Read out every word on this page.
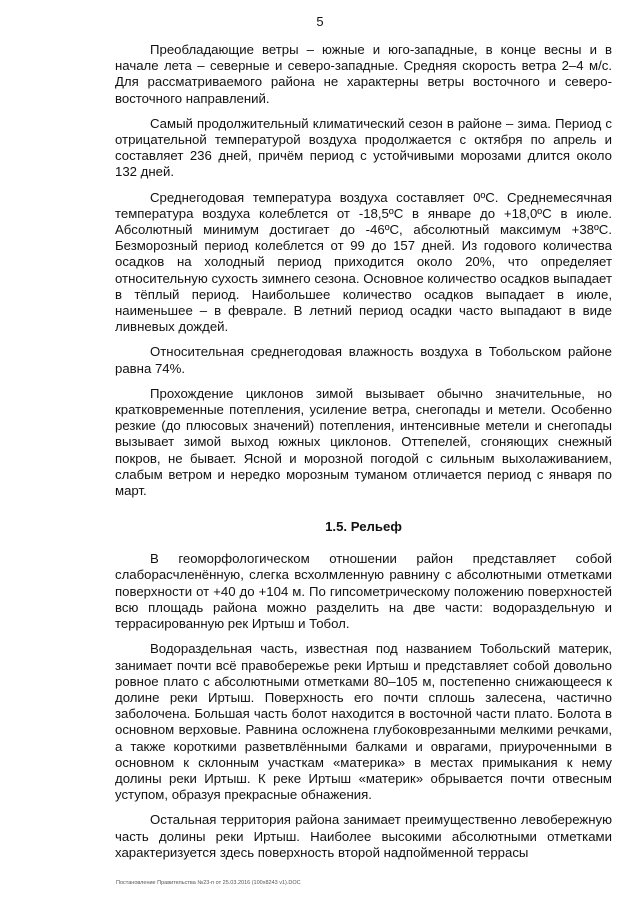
5

Преобладающие ветры – южные и юго-западные, в конце весны и в начале лета – северные и северо-западные. Средняя скорость ветра 2–4 м/с. Для рассматриваемого района не характерны ветры восточного и северо-восточного направлений.

Самый продолжительный климатический сезон в районе – зима. Период с отрицательной температурой воздуха продолжается с октября по апрель и составляет 236 дней, причём период с устойчивыми морозами длится около 132 дней.

Среднегодовая температура воздуха составляет 0ºC. Среднемесячная температура воздуха колеблется от -18,5ºC в январе до +18,0ºC в июле. Абсолютный минимум достигает до -46ºC, абсолютный максимум +38ºC. Безморозный период колеблется от 99 до 157 дней. Из годового количества осадков на холодный период приходится около 20%, что определяет относительную сухость зимнего сезона. Основное количество осадков выпадает в тёплый период. Наибольшее количество осадков выпадает в июле, наименьшее – в феврале. В летний период осадки часто выпадают в виде ливневых дождей.

Относительная среднегодовая влажность воздуха в Тобольском районе равна 74%.

Прохождение циклонов зимой вызывает обычно значительные, но кратковременные потепления, усиление ветра, снегопады и метели. Особенно резкие (до плюсовых значений) потепления, интенсивные метели и снегопады вызывает зимой выход южных циклонов. Оттепелей, сгоняющих снежный покров, не бывает. Ясной и морозной погодой с сильным выхолаживанием, слабым ветром и нередко морозным туманом отличается период с января по март.

1.5. Рельеф

В геоморфологическом отношении район представляет собой слаборасчленённую, слегка всхолмленную равнину с абсолютными отметками поверхности от +40 до +104 м. По гипсометрическому положению поверхностей всю площадь района можно разделить на две части: водораздельную и террасированную рек Иртыш и Тобол.

Водораздельная часть, известная под названием Тобольский материк, занимает почти всё правобережье реки Иртыш и представляет собой довольно ровное плато с абсолютными отметками 80–105 м, постепенно снижающееся к долине реки Иртыш. Поверхность его почти сплошь залесена, частично заболочена. Большая часть болот находится в восточной части плато. Болота в основном верховые. Равнина осложнена глубоковрезанными мелкими речками, а также короткими разветвлёнными балками и оврагами, приуроченными в основном к склонным участкам «материка» в местах примыкания к нему долины реки Иртыш. К реке Иртыш «материк» обрывается почти отвесным уступом, образуя прекрасные обнажения.

Остальная территория района занимает преимущественно левобережную часть долины реки Иртыш. Наиболее высокими абсолютными отметками характеризуется здесь поверхность второй надпойменной террасы

Постановление Правительства №23-п от 25.03.2016 (100x8243 v1).DOC
